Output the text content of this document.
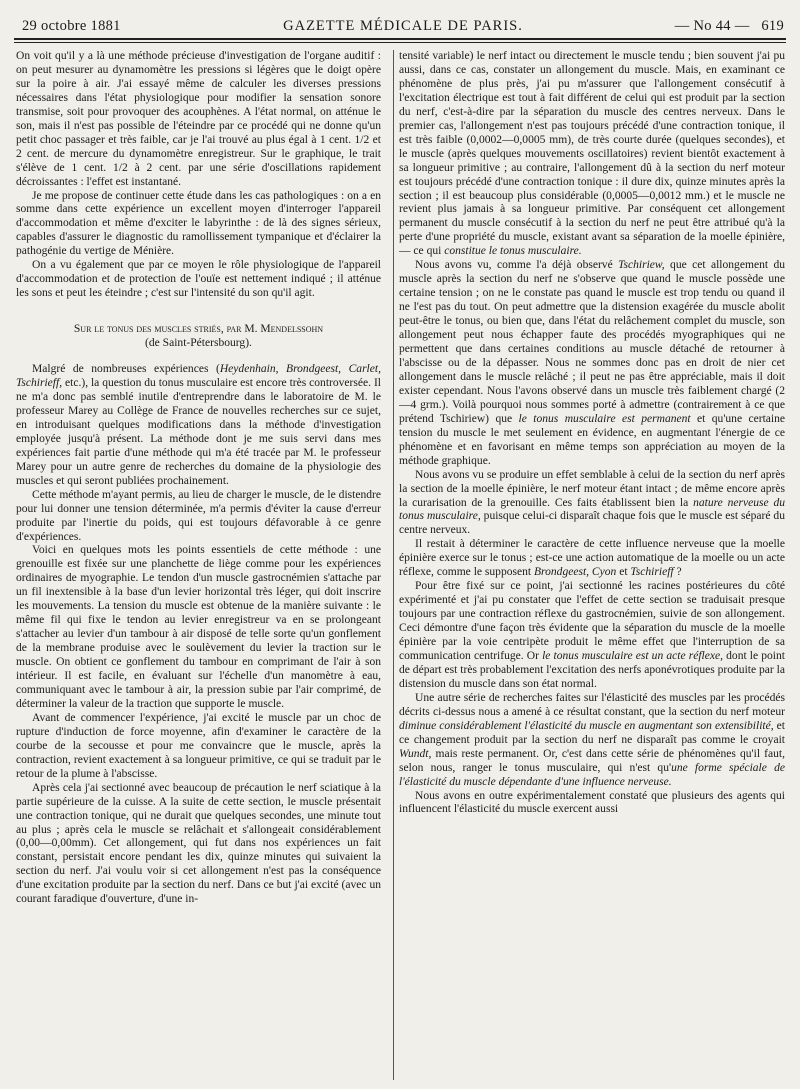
29 octobre 1881	GAZETTE MÉDICALE DE PARIS.	— No 44 — 619

On voit qu'il y a là une méthode précieuse d'investigation de l'organe auditif : on peut mesurer au dynamomètre les pressions si légères que le doigt opère sur la poire à air. J'ai essayé même de calculer les diverses pressions nécessaires dans l'état physiologique pour modifier la sensation sonore transmise, soit pour provoquer des acouphènes. A l'état normal, on atténue le son, mais il n'est pas possible de l'éteindre par ce procédé qui ne donne qu'un petit choc passager et très faible, car je l'ai trouvé au plus égal à 1 cent. 1/2 et 2 cent. de mercure du dynamomètre enregistreur. Sur le graphique, le trait s'élève de 1 cent. 1/2 à 2 cent. par une série d'oscillations rapidement décroissantes : l'effet est instantané.

Je me propose de continuer cette étude dans les cas pathologiques : on a en somme dans cette expérience un excellent moyen d'interroger l'appareil d'accommodation et même d'exciter le labyrinthe : de là des signes sérieux, capables d'assurer le diagnostic du ramollissement tympanique et d'éclairer la pathogénie du vertige de Ménière.

On a vu également que par ce moyen le rôle physiologique de l'appareil d'accommodation et de protection de l'ouïe est nettement indiqué ; il atténue les sons et peut les éteindre ; c'est sur l'intensité du son qu'il agit.

Sur le tonus des muscles striés, par M. Mendelssohn
(de Saint-Pétersbourg).

Malgré de nombreuses expériences (Heydenhain, Brondgeest, Carlet, Tschirieff, etc.), la question du tonus musculaire est encore très controversée. Il ne m'a donc pas semblé inutile d'entreprendre dans le laboratoire de M. le professeur Marey au Collège de France de nouvelles recherches sur ce sujet, en introduisant quelques modifications dans la méthode d'investigation employée jusqu'à présent. La méthode dont je me suis servi dans mes expériences fait partie d'une méthode qui m'a été tracée par M. le professeur Marey pour un autre genre de recherches du domaine de la physiologie des muscles et qui seront publiées prochainement.

Cette méthode m'ayant permis, au lieu de charger le muscle, de le distendre pour lui donner une tension déterminée, m'a permis d'éviter la cause d'erreur produite par l'inertie du poids, qui est toujours défavorable à ce genre d'expériences.

Voici en quelques mots les points essentiels de cette méthode : une grenouille est fixée sur une planchette de liège comme pour les expériences ordinaires de myographie. Le tendon d'un muscle gastrocnémien s'attache par un fil inextensible à la base d'un levier horizontal très léger, qui doit inscrire les mouvements. La tension du muscle est obtenue de la manière suivante : le même fil qui fixe le tendon au levier enregistreur va en se prolongeant s'attacher au levier d'un tambour à air disposé de telle sorte qu'un gonflement de la membrane produise avec le soulèvement du levier la traction sur le muscle. On obtient ce gonflement du tambour en comprimant de l'air à son intérieur. Il est facile, en évaluant sur l'échelle d'un manomètre à eau, communiquant avec le tambour à air, la pression subie par l'air comprimé, de déterminer la valeur de la traction que supporte le muscle.

Avant de commencer l'expérience, j'ai excité le muscle par un choc de rupture d'induction de force moyenne, afin d'examiner le caractère de la courbe de la secousse et pour me convaincre que le muscle, après la contraction, revient exactement à sa longueur primitive, ce qui se traduit par le retour de la plume à l'abscisse.

Après cela j'ai sectionné avec beaucoup de précaution le nerf sciatique à la partie supérieure de la cuisse. A la suite de cette section, le muscle présentait une contraction tonique, qui ne durait que quelques secondes, une minute tout au plus ; après cela le muscle se relâchait et s'allongeait considérablement (0,00—0,00mm). Cet allongement, qui fut dans nos expériences un fait constant, persistait encore pendant les dix, quinze minutes qui suivaient la section du nerf. J'ai voulu voir si cet allongement n'est pas la conséquence d'une excitation produite par la section du nerf. Dans ce but j'ai excité (avec un courant faradique d'ouverture, d'une in-

tensité variable) le nerf intact ou directement le muscle tendu ; bien souvent j'ai pu aussi, dans ce cas, constater un allongement du muscle. Mais, en examinant ce phénomène de plus près, j'ai pu m'assurer que l'allongement consécutif à l'excitation électrique est tout à fait différent de celui qui est produit par la section du nerf, c'est-à-dire par la séparation du muscle des centres nerveux. Dans le premier cas, l'allongement n'est pas toujours précédé d'une contraction tonique, il est très faible (0,0002—0,0005 mm), de très courte durée (quelques secondes), et le muscle (après quelques mouvements oscillatoires) revient bientôt exactement à sa longueur primitive ; au contraire, l'allongement dû à la section du nerf moteur est toujours précédé d'une contraction tonique : il dure dix, quinze minutes après la section ; il est beaucoup plus considérable (0,0005—0,0012 mm.) et le muscle ne revient plus jamais à sa longueur primitive. Par conséquent cet allongement permanent du muscle consécutif à la section du nerf ne peut être attribué qu'à la perte d'une propriété du muscle, existant avant sa séparation de la moelle épinière, — ce qui constitue le tonus musculaire.

Nous avons vu, comme l'a déjà observé Tschiriew, que cet allongement du muscle après la section du nerf ne s'observe que quand le muscle possède une certaine tension ; on ne le constate pas quand le muscle est trop tendu ou quand il ne l'est pas du tout. On peut admettre que la distension exagérée du muscle abolit peut-être le tonus, ou bien que, dans l'état du relâchement complet du muscle, son allongement peut nous échapper faute des procédés myographiques qui ne permettent que dans certaines conditions au muscle détaché de retourner à l'abscisse ou de la dépasser. Nous ne sommes donc pas en droit de nier cet allongement dans le muscle relâché ; il peut ne pas être appréciable, mais il doit exister cependant. Nous l'avons observé dans un muscle très faiblement chargé (2—4 grm.). Voilà pourquoi nous sommes porté à admettre (contrairement à ce que prétend Tschiriew) que le tonus musculaire est permanent et qu'une certaine tension du muscle le met seulement en évidence, en augmentant l'énergie de ce phénomène et en favorisant en même temps son appréciation au moyen de la méthode graphique.

Nous avons vu se produire un effet semblable à celui de la section du nerf après la section de la moelle épinière, le nerf moteur étant intact ; de même encore après la curarisation de la grenouille. Ces faits établissent bien la nature nerveuse du tonus musculaire, puisque celui-ci disparaît chaque fois que le muscle est séparé du centre nerveux.

Il restait à déterminer le caractère de cette influence nerveuse que la moelle épinière exerce sur le tonus ; est-ce une action automatique de la moelle ou un acte réflexe, comme le supposent Brondgeest, Cyon et Tschirieff ?

Pour être fixé sur ce point, j'ai sectionné les racines postérieures du côté expérimenté et j'ai pu constater que l'effet de cette section se traduisait presque toujours par une contraction réflexe du gastrocnémien, suivie de son allongement. Ceci démontre d'une façon très évidente que la séparation du muscle de la moelle épinière par la voie centripète produit le même effet que l'interruption de sa communication centrifuge. Or le tonus musculaire est un acte réflexe, dont le point de départ est très probablement l'excitation des nerfs aponévrotiques produite par la distension du muscle dans son état normal.

Une autre série de recherches faites sur l'élasticité des muscles par les procédés décrits ci-dessus nous a amené à ce résultat constant, que la section du nerf moteur diminue considérablement l'élasticité du muscle en augmentant son extensibilité, et ce changement produit par la section du nerf ne disparaît pas comme le croyait Wundt, mais reste permanent. Or, c'est dans cette série de phénomènes qu'il faut, selon nous, ranger le tonus musculaire, qui n'est qu'une forme spéciale de l'élasticité du muscle dépendante d'une influence nerveuse.

Nous avons en outre expérimentalement constaté que plusieurs des agents qui influencent l'élasticité du muscle exercent aussi
